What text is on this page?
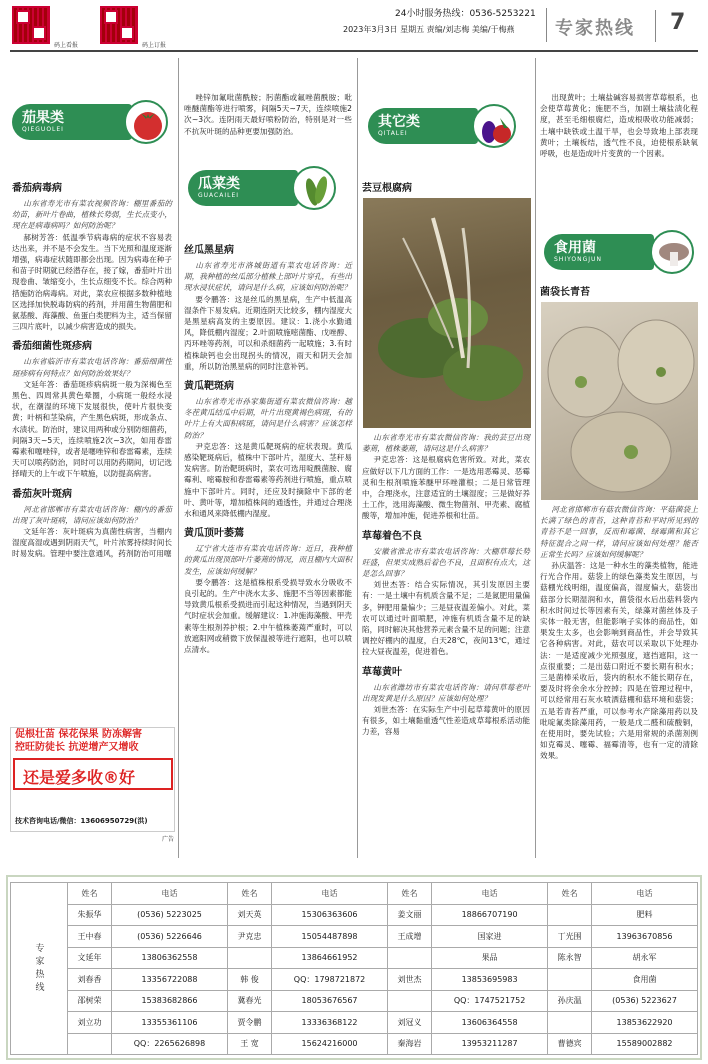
码上看报	码上订报
24小时服务热线：0536-5253221
2023年3月3日 星期五 责编/刘志梅 美编/于梅燕 专家热线 7
茄果类
QIEGUOLEI
番茄病毒病
山东省寿光市有菜农视频咨询：棚里番茄的幼苗，新叶片卷曲，植株长势弱，生长点变小，现在是病毒病吗？如何防治呢？
郝树芳答：低温季节病毒病的症状不容易表达出来，并不是不会发生。当下光照和温度逐渐增强，病毒症状随即都会出现。因为病毒在种子和苗子时期就已经潜存在，接了嫁，番茄叶片出现卷曲、皱缩变小，生长点细变不长。综合两种措施防治病毒病。对此，菜农应根据多数种植地区选择加快脱毒防病的药剂，并用菌生物菌肥和氨基酸、海藻酸、鱼蛋白类肥料为主，适当保留三四片底叶，以减少病害造成的损失。
番茄细菌性斑疹病
山东省临沂市有菜农电话咨询：番茄细菌性斑疹病有何特点？如何防治效果好？
文延年答：番茄斑疹病病斑一般为深褐色至黑色、四周常具黄色晕圈，小病斑一般经水浸状，在潮湿的环境下发展很快，使叶片很快变黄；叶柄和茎染病，产生黑色病斑，形成条点、水渍状。防治时，建议用两种或分别防细菌药，间隔3天~5天，连续喷施2次~3次，如用春雷霉素和噻唑锌，或者是噻唑锌和春雷霉素，连续天可以喷药防治，同时可以用防药期间，切记选择晴天的上午或下午喷施，以防提高病害。
番茄灰叶斑病
河北省邯郸市有菜农电话咨询：棚内的番茄出现了灰叶斑病，请问应该如何防治？
文延年答：灰叶斑病为真菌性病害，当棚内湿度高湿或遇到阴雨天气，叶片浓雾持续时间长时易发病。管理中要注意通风，药剂防治可用噻
促根壮苗 保花保果 防冻解害
控旺防徒长 抗逆增产又增收
还是爱多收®好
技术咨询电话/微信：13606950729(洪)
广告
唑锌加氟吡菌酰胺；肟菌酯或氟唑菌酰胺；吡唑醚菌酯等进行喷雾，间隔5天~7天，连续喷施2次~3次。连阴雨天最好喷粉防治，特别是对一些不抗灰叶斑的品种更要加强防治。
瓜菜类
GUACAILEI
丝瓜黑星病
山东省寿光市洛城街道有菜农电话咨询：近期，我种植的丝瓜部分植株上部叶片穿孔，有些出现水浸状症状，请问是什么病，应该如何防治呢？
要令鹏答：这是丝瓜的黑星病，生产中低温高湿条件下易发病。近期连阴天比较多，棚内湿度大是黑星病高发的主要原因。建议：1.浇小水勤通风，降低棚内湿度；2.叶面喷施嘧菌酯、戊唑醇、丙环唑等药剂，可以和杀细菌药一起喷施；3.有时植株缺钙也会出现拐头的情况，雨天和阴天会加重，所以防治黑星病的同时注意补钙。
黄瓜靶斑病
山东省寿光市孙家集街道有菜农微信咨询：越冬茬黄瓜结瓜中后期，叶片出现黄褐色病斑，有的叶片上有大面积病斑，请问是什么病害？应该怎样防治？
尹克忠答：这是黄瓜靶斑病的症状表现。黄瓜感染靶斑病后，植株中下部叶片，湿度大、茎秆易发病害。防治靶斑病时，菜农可选用啶酰菌胺、腐霉利、嘧霉胺和春雷霉素等药剂进行喷施，重点喷施中下部叶片。同时，还应及时摘除中下部的老叶、黄叶等，增加植株间的通透性，并通过合理浇水和通风来降低棚内湿度。
黄瓜顶叶萎蔫
辽宁省大连市有菜农电话咨询：近日，我种植的黄瓜出现顶部叶片萎蔫的情况，而且棚内大面积发生，应该如何缓解？
要令鹏答：这是植株根系受损导致水分吸收不良引起的。生产中浇水太多、施肥不当等因素都能导致黄瓜根系受损进而引起这种情况，当遇到阴天气时症状会加重。缓解建议：1.冲施海藻酸、甲壳素等生根剂养护根；2.中午植株萎蔫严重时，可以放遮阳网或稍微下放保温被等进行遮阳，也可以喷点清水。
其它类
QITALEI
芸豆根腐病
山东省寿光市有菜农微信咨询：我的芸豆出现萎蔫，植株萎蔫，请问这是什么病害？
尹克忠答：这是根腐病危害所致。对此，菜农应做好以下几方面的工作：一是选用恶霉灵、恶霉灵和生根剂喷施苯醚甲环唑灌根；二是日常管理中，合理浇水，注意适宜的土壤湿度；三是做好养土工作，选用海藻酸、微生物菌剂、甲壳素、腐植酸等，增加冲施，促进养根和壮苗。
草莓着色不良
安徽省淮北市有菜农电话咨询：大棚草莓长势旺盛，但果实成熟后着色不良，且面积有点大，这是怎么回事？
刘世杰答：结合实际情况，其引发原因主要有：一是土壤中有机质含量不足；二是氮肥用量偏多，钾肥用量偏少；三是昼夜温差偏小。对此，菜农可以通过叶面喷肥，冲施有机质含量不足的缺陷，同时解决其他营养元素含量不足的问题；注意调控好棚内的温度，白天28℃，夜间13℃，通过拉大昼夜温差，促进着色。
草莓黄叶
山东省潍坊市有菜农电话咨询：请问草莓老叶出现发黄是什么原因？应该如何处理？
刘世杰答：在实际生产中引起草莓黄叶的原因有很多，如土壤黏重透气性差造成草莓根系活动能力差，容易
出现黄叶；土壤盐碱容易损害草莓根系，也会使草莓黄化；施肥不当，加剧土壤盐渍化程度，甚至毛细根腐烂，造成根吸收功能减弱；土壤中缺铁或土温干旱，也会导致地上部表现黄叶；土壤板结，透气性不良，迫使根系缺氧呼吸，也是造成叶片变黄的一个因素。
食用菌
SHIYONGJUN
菌袋长青苔
河北省邯郸市有菇农微信咨询：平菇菌袋上长满了绿色的青苔，这种青苔和平时所见到的青苔不是一回事，反而和霉菌、绿霉菌和其它特征混合之间一样，请问应该如何处理？能否正常生长吗？应该如何缓解呢？
孙庆温答：这是一种水生的藻类植物，能进行光合作用。菇袋上的绿色藻类发生原因，与菇棚光线明细，温度偏高，湿度偏大，菇袋出菇部分长期湿润和水，菌袋很水后出菇料袋内积水时间过长等因素有关，绿藻对菌丝体及子实体一般无害，但能影响子实体的商品性，如果发生太多，也会影响到商品性，并会导致其它各种病害。对此，菇农可以采取以下处理办法：一是适度减少光照强度，遮挡遮阳，这一点很重要；二是出菇口附近不要长期有积水；三是菌棒采收后，袋内的积水不能长期存在，要及时将余余水分控掉；四是在管理过程中，可以经常用石灰水喷洒菇棚和菇环境和菇袋；五是若青苔严重，可以参考水产除藻用药以及吡啶氟类除藻用药，一般是戊二醛和硫酸铜，在使用时，要先试验；六是用常规的杀菌剂例如克霉灵、噻霉、福霉清等，也有一定的清除效果。
专家热线	姓名	电话	姓名	电话	姓名	电话	姓名	电话
	朱振华	(0536) 5223025	刘天英	15306363606	姜文丽	18866707190		肥料
	王中春	(0536) 5226646	尹克忠	15054487898	王成增	国家进	丁光围	13963670856
	文延年	13806362558		13864661952		果品	陈永智	胡永军
	刘春香	13356722088	韩 俊	QQ：1798721872	刘世杰	13853695983		食用菌
	邵树荣	15383682866	冀春光	18053676567		QQ：1747521752	孙庆温	(0536) 5223627
	刘立功	13355361106	贾令鹏	13336368122	刘冠义	13606364558		13853622920
		QQ：2265626898	王 宽	15624216000	秦海岩	13953211287	曹德宾	15589002882
